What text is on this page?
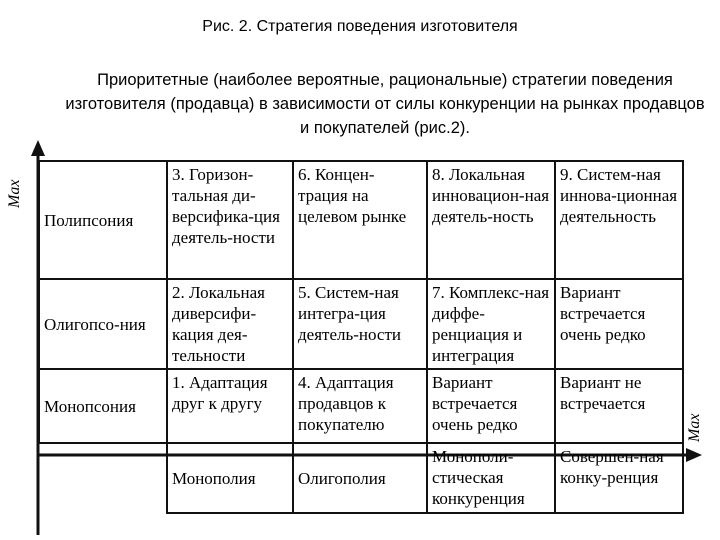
Рис. 2. Стратегия поведения изготовителя
Приоритетные (наиболее вероятные, рациональные) стратегии поведения изготовителя (продавца) в зависимости от силы конкуренции на рынках продавцов и покупателей (рис.2).
Max
Max
Полипсония	3. Горизон-тальная ди-версифика-ция деятель-ности	6. Концен-трация на целевом рынке	8. Локальная инновацион-ная деятель-ность	9. Систем-ная иннова-ционная деятельность
Олигопсо-ния	2. Локальная диверсифи-кация дея-тельности	5. Систем-ная интегра-ция деятель-ности	7. Комплекс-ная диффе-ренциация и интеграция	Вариант встречается очень редко
Монопсония	1. Адаптация друг к другу	4. Адаптация продавцов к покупателю	Вариант встречается очень редко	Вариант не встречается
	Монополия	Олигополия	Монополи-стическая конкуренция	Совершен-ная конку-ренция
